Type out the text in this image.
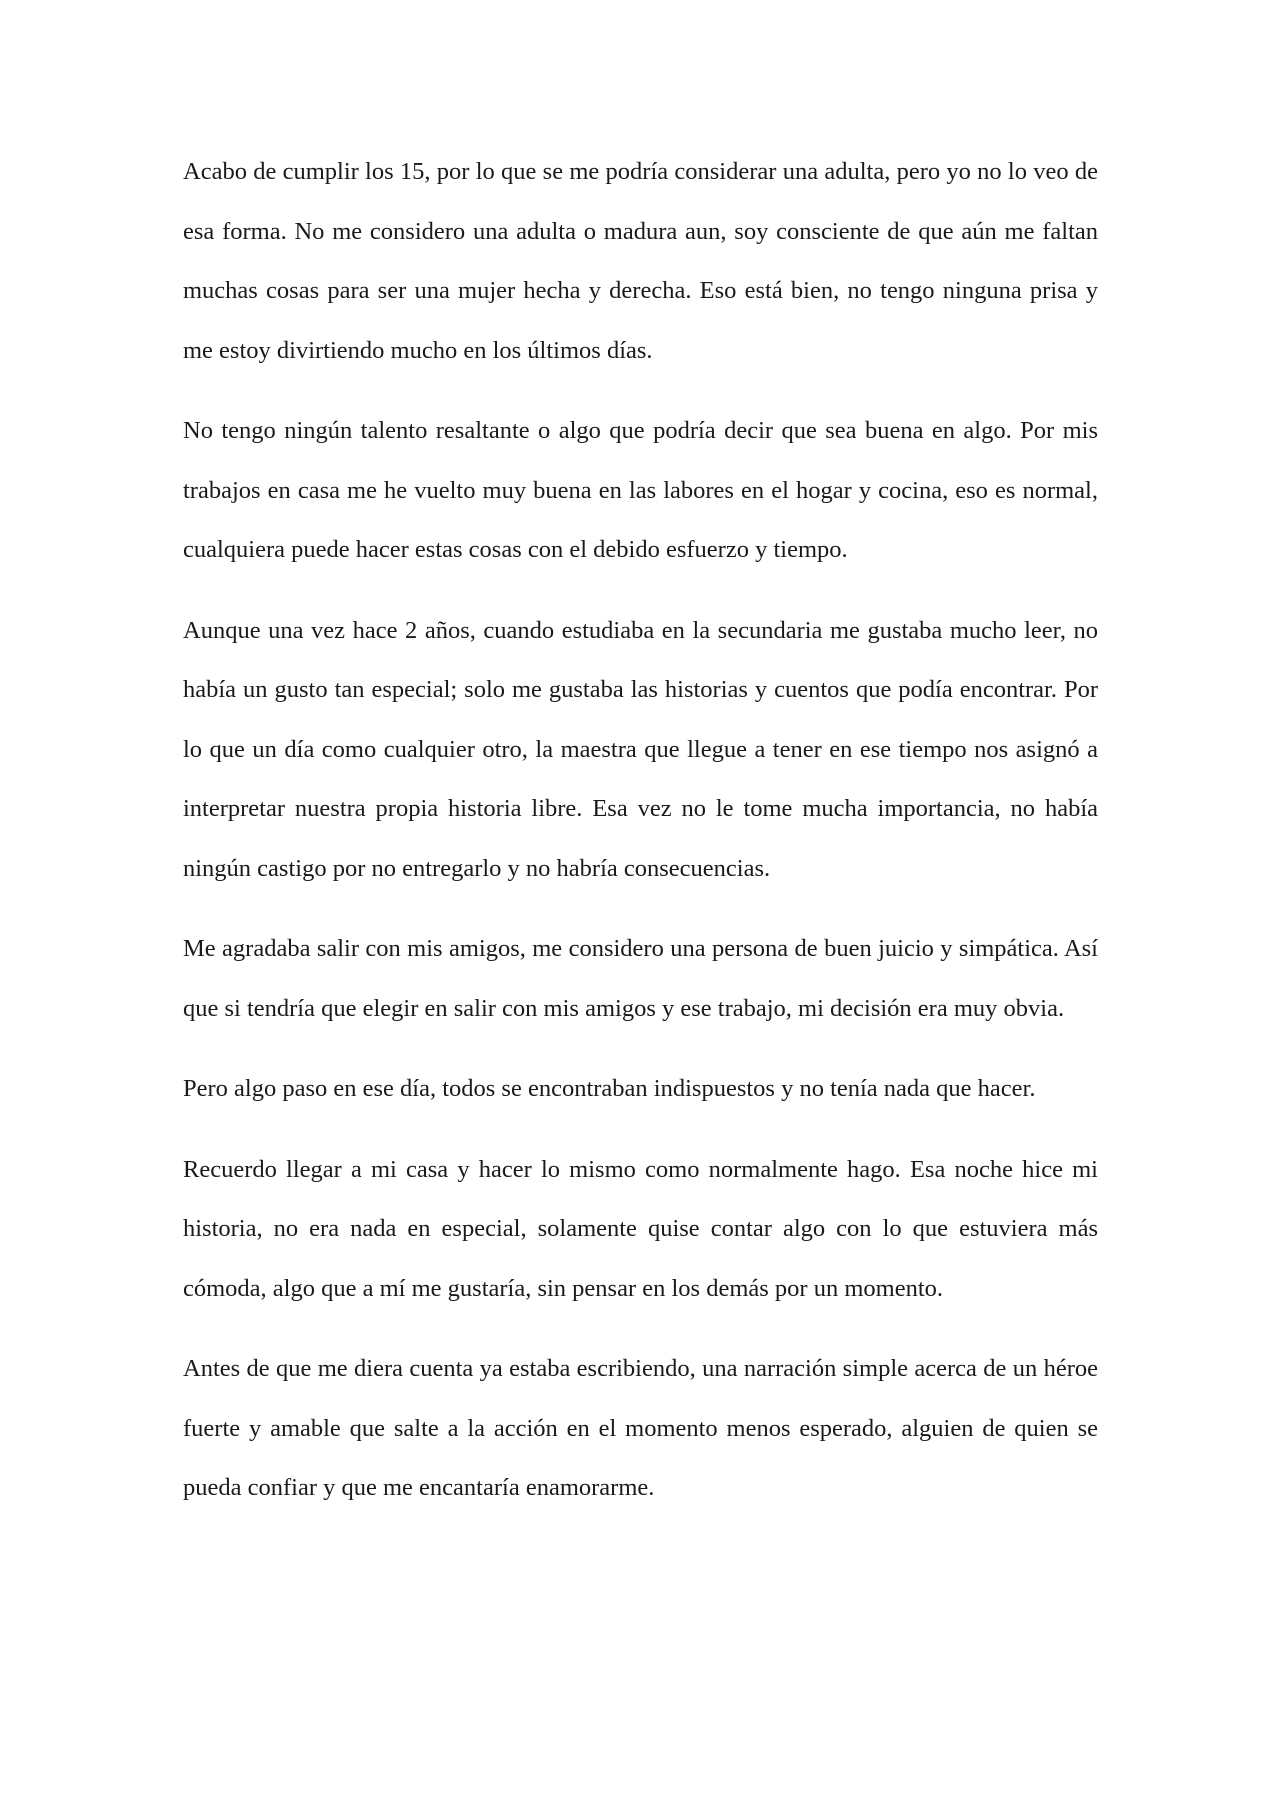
Acabo de cumplir los 15, por lo que se me podría considerar una adulta, pero yo no lo veo de esa forma. No me considero una adulta o madura aun, soy consciente de que aún me faltan muchas cosas para ser una mujer hecha y derecha. Eso está bien, no tengo ninguna prisa y me estoy divirtiendo mucho en los últimos días.

No tengo ningún talento resaltante o algo que podría decir que sea buena en algo. Por mis trabajos en casa me he vuelto muy buena en las labores en el hogar y cocina, eso es normal, cualquiera puede hacer estas cosas con el debido esfuerzo y tiempo.

Aunque una vez hace 2 años, cuando estudiaba en la secundaria me gustaba mucho leer, no había un gusto tan especial; solo me gustaba las historias y cuentos que podía encontrar. Por lo que un día como cualquier otro, la maestra que llegue a tener en ese tiempo nos asignó a interpretar nuestra propia historia libre. Esa vez no le tome mucha importancia, no había ningún castigo por no entregarlo y no habría consecuencias.

Me agradaba salir con mis amigos, me considero una persona de buen juicio y simpática. Así que si tendría que elegir en salir con mis amigos y ese trabajo, mi decisión era muy obvia.

Pero algo paso en ese día, todos se encontraban indispuestos y no tenía nada que hacer.

Recuerdo llegar a mi casa y hacer lo mismo como normalmente hago. Esa noche hice mi historia, no era nada en especial, solamente quise contar algo con lo que estuviera más cómoda, algo que a mí me gustaría, sin pensar en los demás por un momento.

Antes de que me diera cuenta ya estaba escribiendo, una narración simple acerca de un héroe fuerte y amable que salte a la acción en el momento menos esperado, alguien de quien se pueda confiar y que me encantaría enamorarme.
